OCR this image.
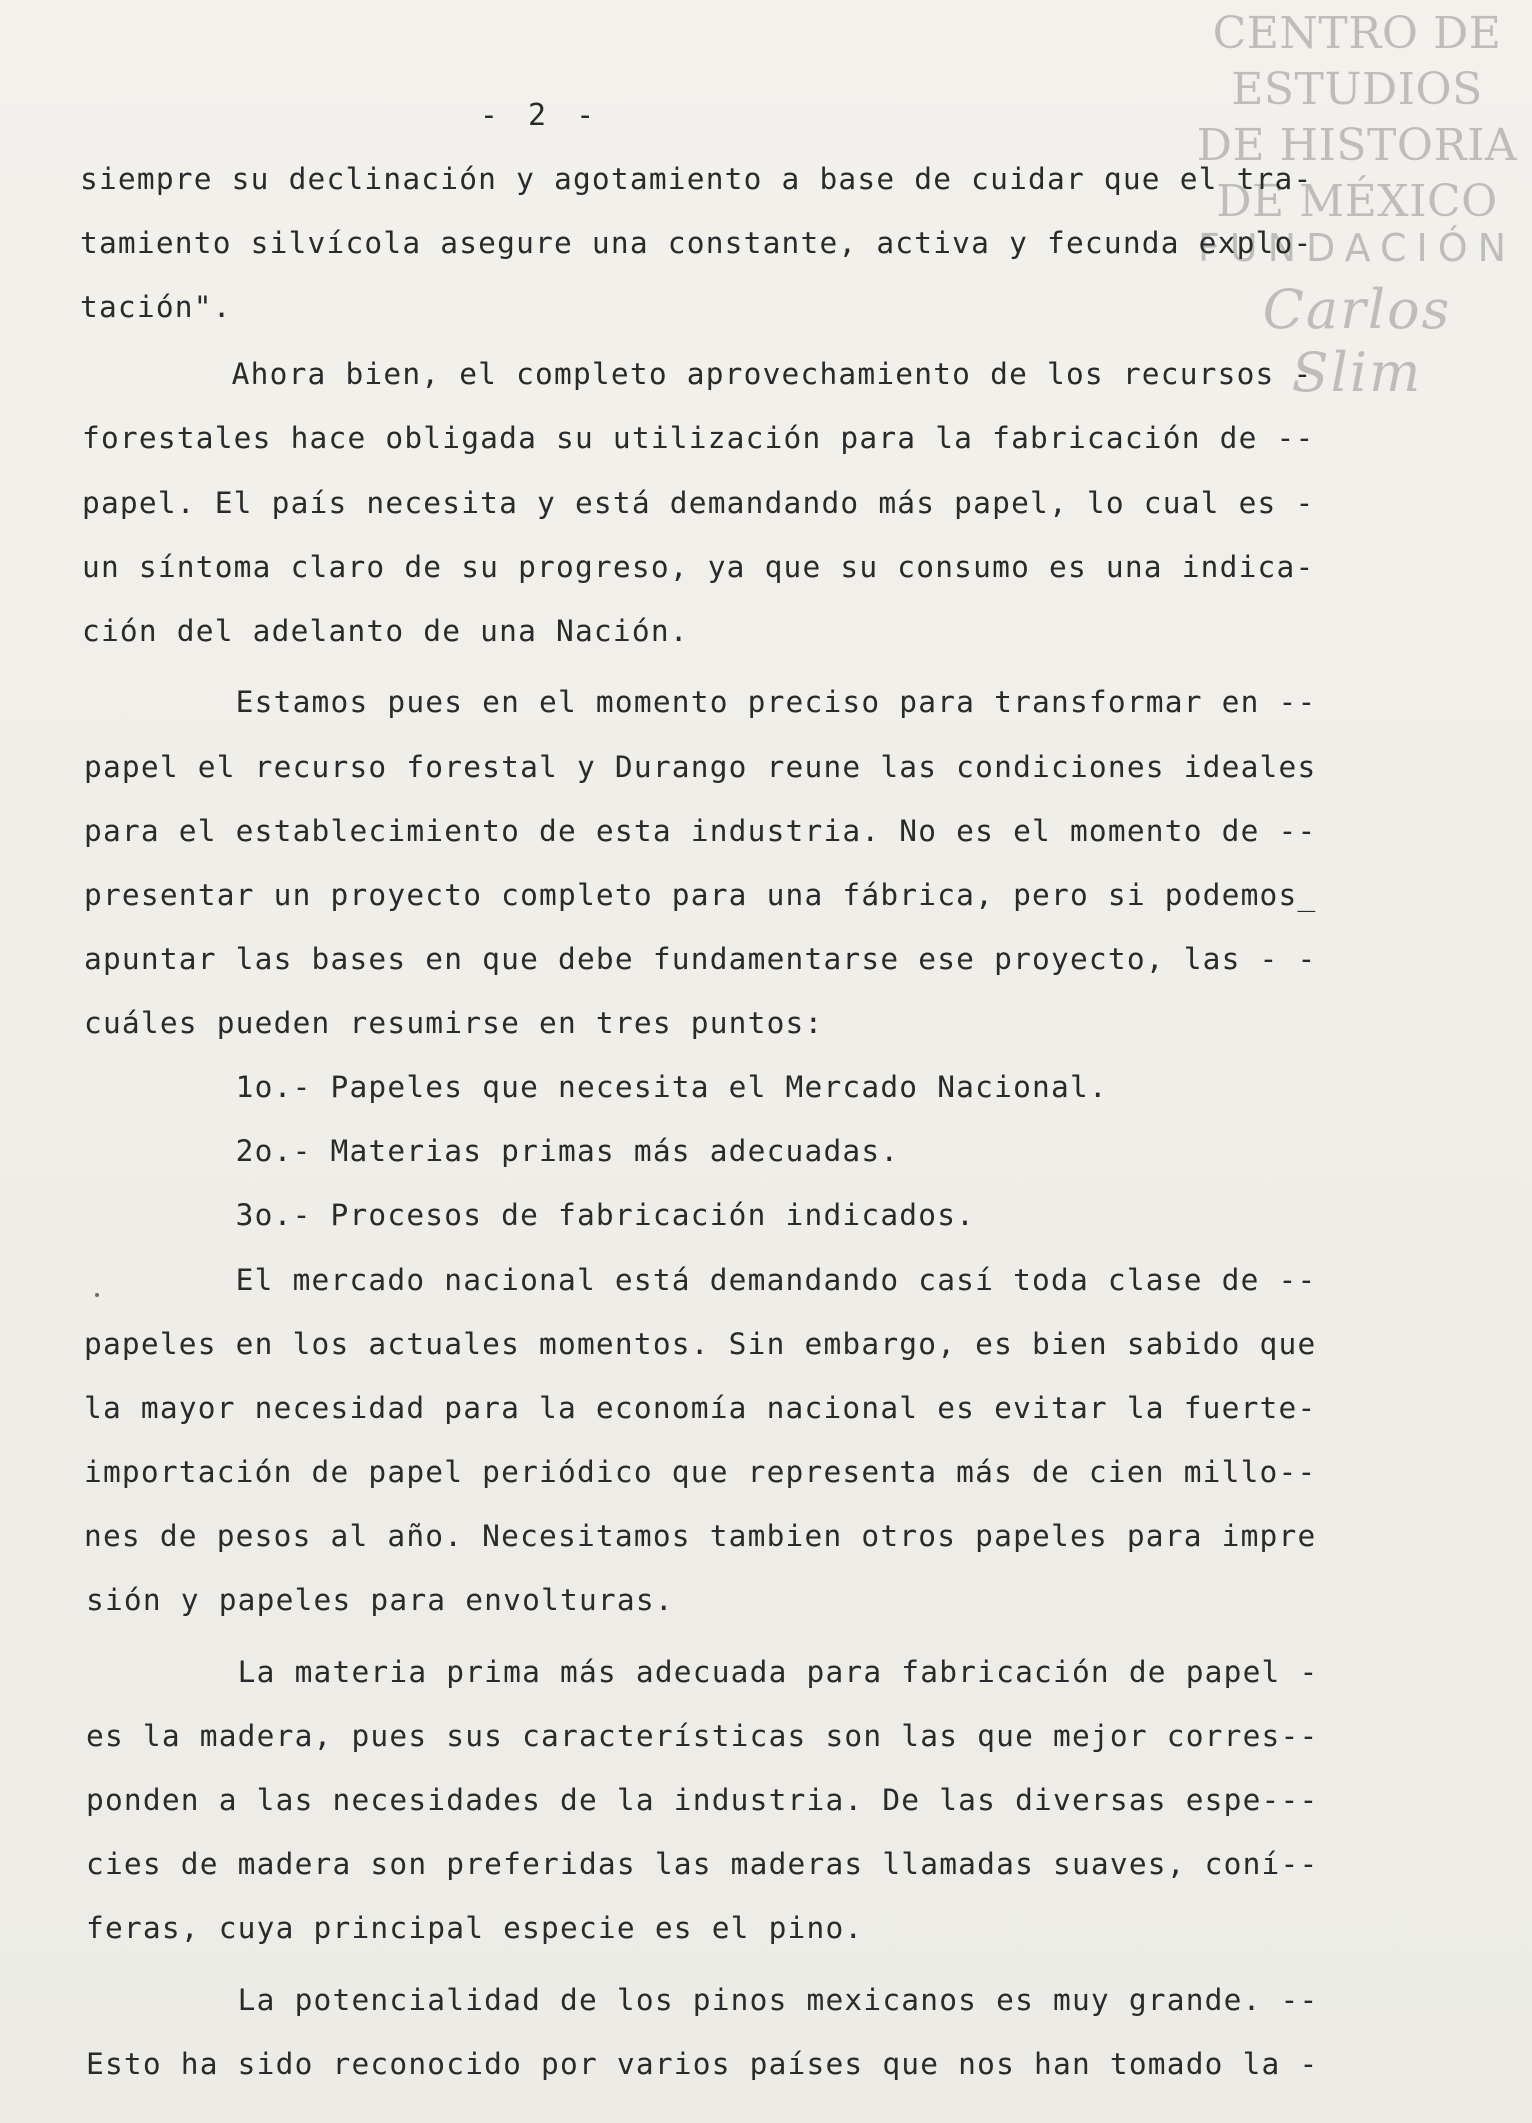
CENTRO DE
ESTUDIOS
DE HISTORIA
DE MÉXICO
FUNDACIÓN
Carlos Slim
- 2 -
siempre su declinación y agotamiento a base de cuidar que el tra-
tamiento silvícola asegure una constante, activa y fecunda explo-
tación".
Ahora bien, el completo aprovechamiento de los recursos -
forestales hace obligada su utilización para la fabricación de --
papel. El país necesita y está demandando más papel, lo cual es -
un síntoma claro de su progreso, ya que su consumo es una indica-
ción del adelanto de una Nación.
Estamos pues en el momento preciso para transformar en --
papel el recurso forestal y Durango reune las condiciones ideales
para el establecimiento de esta industria. No es el momento de --
presentar un proyecto completo para una fábrica, pero si podemos_
apuntar las bases en que debe fundamentarse ese proyecto, las - -
cuáles pueden resumirse en tres puntos:
1o.- Papeles que necesita el Mercado Nacional.
2o.- Materias primas más adecuadas.
3o.- Procesos de fabricación indicados.
El mercado nacional está demandando casí toda clase de --
papeles en los actuales momentos. Sin embargo, es bien sabido que
la mayor necesidad para la economía nacional es evitar la fuerte-
importación de papel periódico que representa más de cien millo--
nes de pesos al año. Necesitamos tambien otros papeles para impre
sión y papeles para envolturas.
La materia prima más adecuada para fabricación de papel -
es la madera, pues sus características son las que mejor corres--
ponden a las necesidades de la industria. De las diversas espe---
cies de madera son preferidas las maderas llamadas suaves, coní--
feras, cuya principal especie es el pino.
La potencialidad de los pinos mexicanos es muy grande. --
Esto ha sido reconocido por varios países que nos han tomado la -
